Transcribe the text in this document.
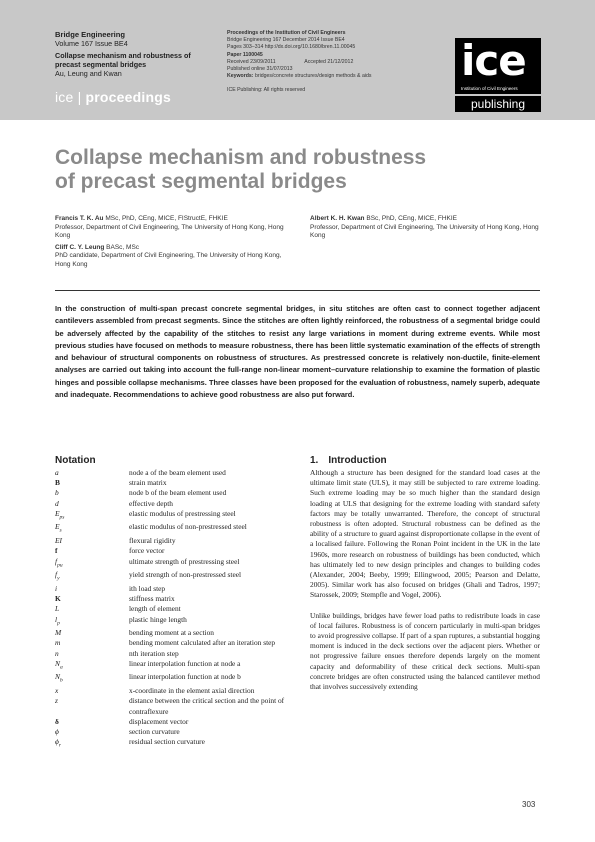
Bridge Engineering
Volume 167 Issue BE4
Collapse mechanism and robustness of precast segmental bridges
Au, Leung and Kwan
ice | proceedings
Proceedings of the Institution of Civil Engineers
Bridge Engineering 167 December 2014 Issue BE4
Pages 303–314 http://dx.doi.org/10.1680/bren.11.00045
Paper 1100045
Received 23/09/2011	Accepted 21/12/2012
Published online 31/07/2013
Keywords: bridges/concrete structures/design methods & aids
ICE Publishing: All rights reserved
ice
Institution of Civil Engineers
publishing
Collapse mechanism and robustness
of precast segmental bridges
Francis T. K. Au MSc, PhD, CEng, MICE, FIStructE, FHKIE
Professor, Department of Civil Engineering, The University of Hong Kong, Hong Kong
Cliff C. Y. Leung BASc, MSc
PhD candidate, Department of Civil Engineering, The University of Hong Kong, Hong Kong
Albert K. H. Kwan BSc, PhD, CEng, MICE, FHKIE
Professor, Department of Civil Engineering, The University of Hong Kong, Hong Kong
In the construction of multi-span precast concrete segmental bridges, in situ stitches are often cast to connect together adjacent cantilevers assembled from precast segments. Since the stitches are often lightly reinforced, the robustness of a segmental bridge could be adversely affected by the capability of the stitches to resist any large variations in moment during extreme events. While most previous studies have focused on methods to measure robustness, there has been little systematic examination of the effects of strength and behaviour of structural components on robustness of structures. As prestressed concrete is relatively non-ductile, finite-element analyses are carried out taking into account the full-range non-linear moment–curvature relationship to examine the formation of plastic hinges and possible collapse mechanisms. Three classes have been proposed for the evaluation of robustness, namely superb, adequate and inadequate. Recommendations to achieve good robustness are also put forward.
Notation
a	node a of the beam element used
B	strain matrix
b	node b of the beam element used
d	effective depth
$E_{ps}$	elastic modulus of prestressing steel
$E_s$	elastic modulus of non-prestressed steel
EI	flexural rigidity
f	force vector
$f_{pu}$	ultimate strength of prestressing steel
$f_y$	yield strength of non-prestressed steel
i	ith load step
K	stiffness matrix
L	length of element
$l_p$	plastic hinge length
M	bending moment at a section
m	bending moment calculated after an iteration step
n	nth iteration step
$N_a$	linear interpolation function at node a
$N_b$	linear interpolation function at node b
x	x-coordinate in the element axial direction
z	distance between the critical section and the point of contraflexure
δ	displacement vector
ϕ	section curvature
$\phi_r$	residual section curvature
1. Introduction

Although a structure has been designed for the standard load cases at the ultimate limit state (ULS), it may still be subjected to rare extreme loading. Such extreme loading may be so much higher than the standard design loading at ULS that designing for the extreme loading with standard safety factors may be totally unwarranted. Therefore, the concept of structural robustness is often adopted. Structural robustness can be defined as the ability of a structure to guard against disproportionate collapse in the event of a localised failure. Following the Ronan Point incident in the UK in the late 1960s, more research on robustness of buildings has been conducted, which has ultimately led to new design principles and changes to building codes (Alexander, 2004; Beeby, 1999; Ellingwood, 2005; Pearson and Delatte, 2005). Similar work has also focused on bridges (Ghali and Tadros, 1997; Starossek, 2009; Stempfle and Vogel, 2006).

Unlike buildings, bridges have fewer load paths to redistribute loads in case of local failures. Robustness is of concern particularly in multi-span bridges to avoid progressive collapse. If part of a span ruptures, a substantial hogging moment is induced in the deck sections over the adjacent piers. Whether or not progressive failure ensues therefore depends largely on the moment capacity and deformability of these critical deck sections. Multi-span concrete bridges are often constructed using the balanced cantilever method that involves successively extending

303
